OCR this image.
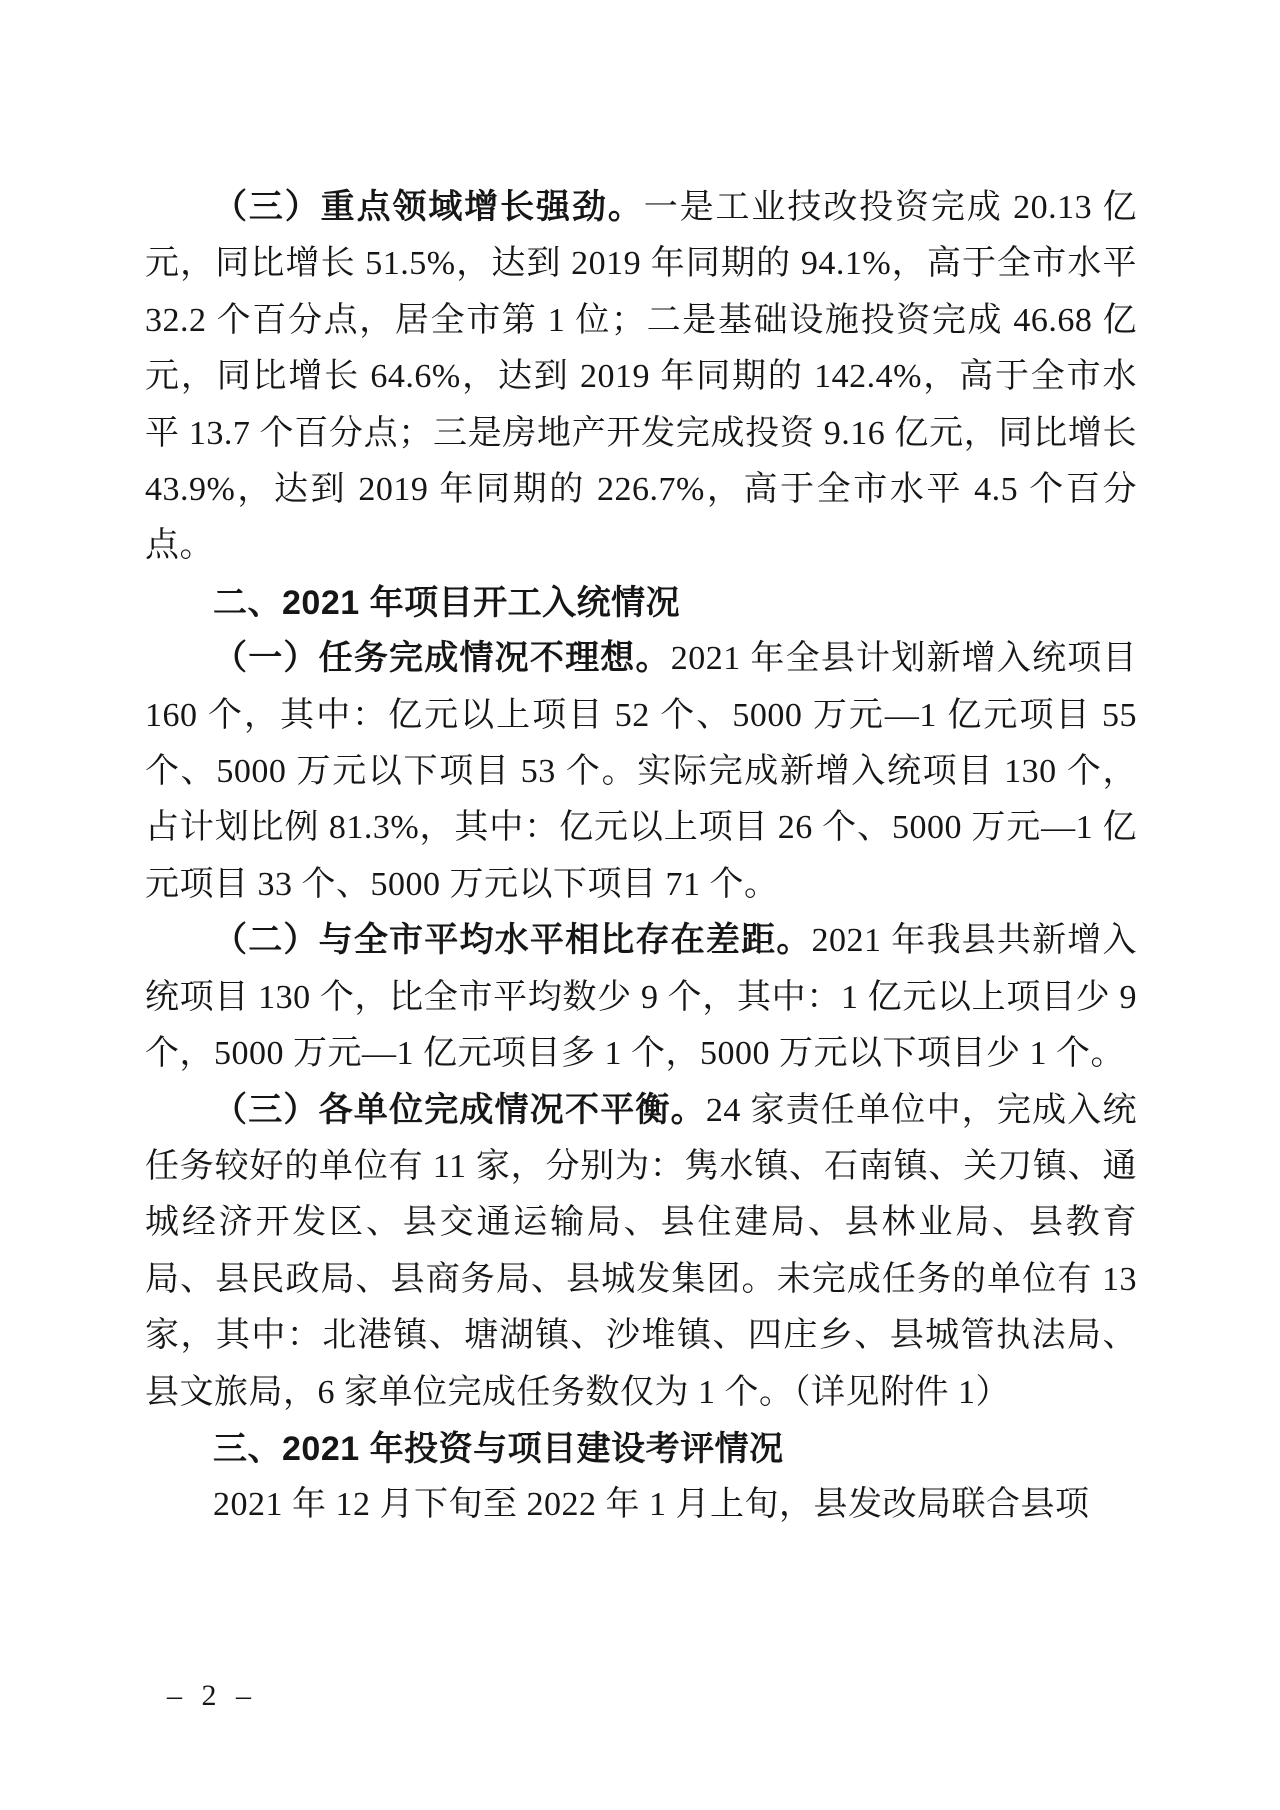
（三）重点领域增长强劲。一是工业技改投资完成 20.13 亿元，同比增长 51.5%，达到 2019 年同期的 94.1%，高于全市水平 32.2 个百分点，居全市第 1 位；二是基础设施投资完成 46.68 亿元，同比增长 64.6%，达到 2019 年同期的 142.4%，高于全市水平 13.7 个百分点；三是房地产开发完成投资 9.16 亿元，同比增长 43.9%，达到 2019 年同期的 226.7%，高于全市水平 4.5 个百分点。

二、2021 年项目开工入统情况

（一）任务完成情况不理想。2021 年全县计划新增入统项目 160 个，其中：亿元以上项目 52 个、5000 万元—1 亿元项目 55 个、5000 万元以下项目 53 个。实际完成新增入统项目 130 个，占计划比例 81.3%，其中：亿元以上项目 26 个、5000 万元—1 亿元项目 33 个、5000 万元以下项目 71 个。

（二）与全市平均水平相比存在差距。2021 年我县共新增入统项目 130 个，比全市平均数少 9 个，其中：1 亿元以上项目少 9 个，5000 万元—1 亿元项目多 1 个，5000 万元以下项目少 1 个。

（三）各单位完成情况不平衡。24 家责任单位中，完成入统任务较好的单位有 11 家，分别为：隽水镇、石南镇、关刀镇、通城经济开发区、县交通运输局、县住建局、县林业局、县教育局、县民政局、县商务局、县城发集团。未完成任务的单位有 13 家，其中：北港镇、塘湖镇、沙堆镇、四庄乡、县城管执法局、县文旅局，6 家单位完成任务数仅为 1 个。（详见附件 1）

三、2021 年投资与项目建设考评情况

2021 年 12 月下旬至 2022 年 1 月上旬，县发改局联合县项

– 2 –
